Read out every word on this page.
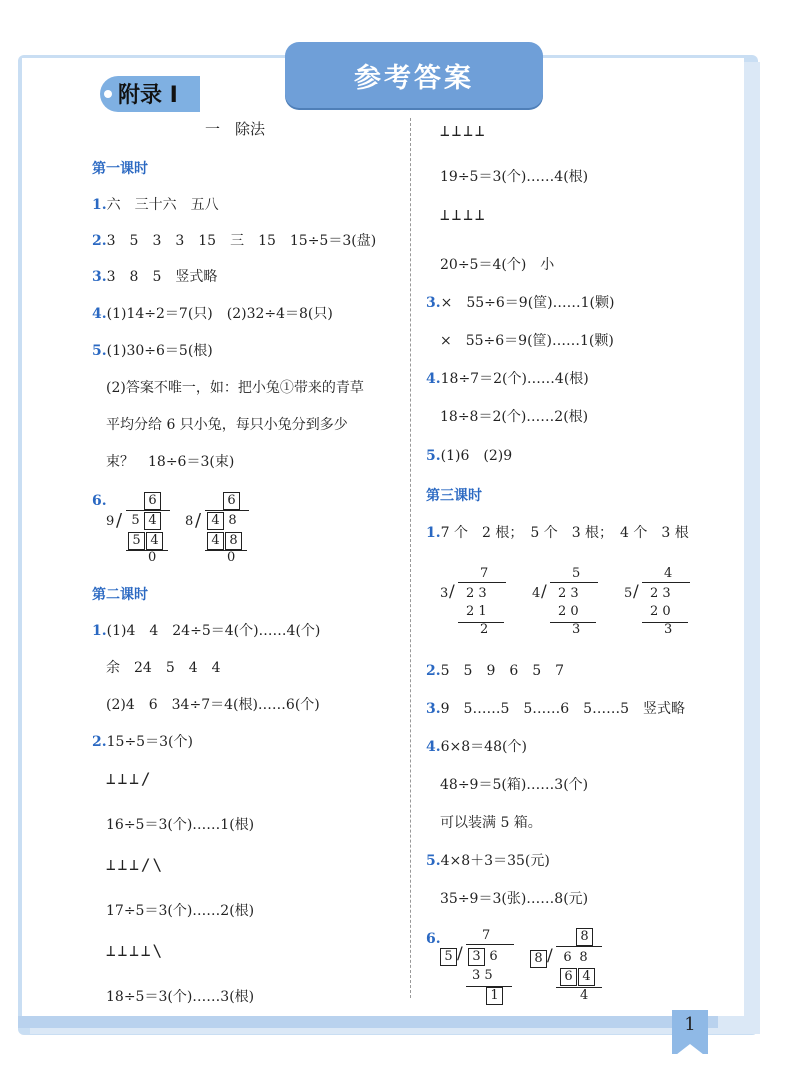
参考答案
附录 I
一　除法
第一课时
1.六　三十六　五八
2.3　5　3　3　15　三　15　15÷5＝3(盘)
3.3　8　5　竖式略
4.(1)14÷2＝7(只)　(2)32÷4＝8(只)
5.(1)30÷6＝5(根)
(2)答案不唯一，如：把小兔①带来的青草
平均分给 6 只小兔，每只小兔分到多少
束？　18÷6＝3(束)
6.	6
9 / 5 4
5 4
0
6
8 / 4 8
4 8
0
第二课时
1.(1)4　4　24÷5＝4(个)……4(个)
余　24　5　4　4
(2)4　6　34÷7＝4(根)……6(个)
2.15÷5＝3(个)
⊥⊥⊥/
16÷5＝3(个)……1(根)
⊥⊥⊥/\
17÷5＝3(个)……2(根)
⊥⊥⊥⊥\
18÷5＝3(个)……3(根)
⊥⊥⊥⊥
19÷5＝3(个)……4(根)
⊥⊥⊥⊥
20÷5＝4(个)　小
3.×　55÷6＝9(筐)……1(颗)
×　55÷6＝9(筐)……1(颗)
4.18÷7＝2(个)……4(根)
18÷8＝2(个)……2(根)
5.(1)6　(2)9
第三课时
1.7 个　2 根；　5 个　3 根；　4 个　3 根
7
3 / 2 3
2 1
2
5
4 / 2 3
2 0
3
4
5 / 2 3
2 0
3
2.5　5　9　6　5　7
3.9　5……5　5……6　5……5　竖式略
4.6×8＝48(个)
48÷9＝5(箱)……3(个)
可以装满 5 箱。
5.4×8＋3＝35(元)
35÷9＝3(张)……8(元)
6.	7
5 / 3 6
3 5
1
8
8 / 6 8
6 4
4
1
